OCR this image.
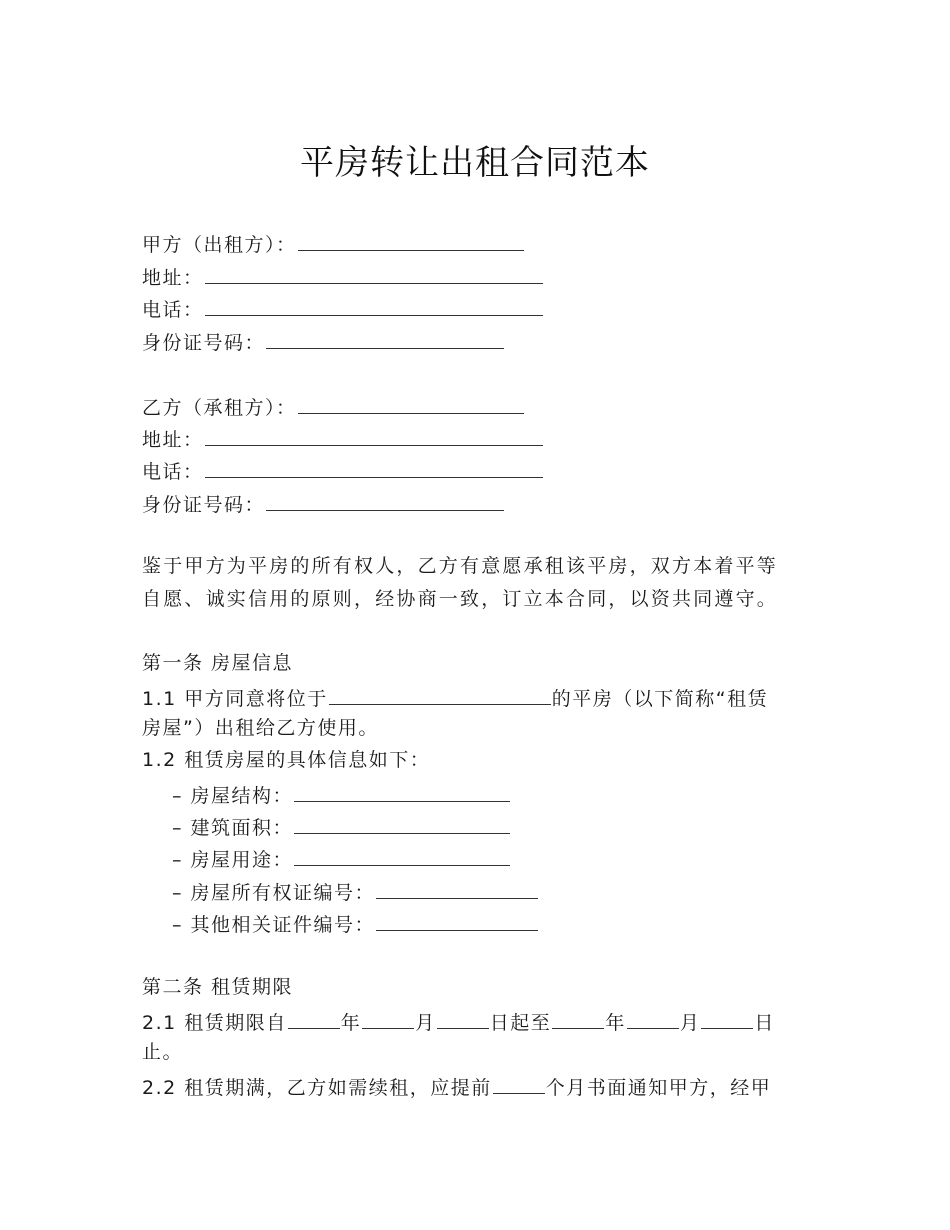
平房转让出租合同范本
甲方（出租方）：
地址：
电话：
身份证号码：
乙方（承租方）：
地址：
电话：
身份证号码：
鉴于甲方为平房的所有权人，乙方有意愿承租该平房，双方本着平等
自愿、诚实信用的原则，经协商一致，订立本合同，以资共同遵守。
第一条 房屋信息
1.1 甲方同意将位于	的平房（以下简称“租赁
房屋”）出租给乙方使用。
1.2 租赁房屋的具体信息如下：
– 房屋结构：
– 建筑面积：
– 房屋用途：
– 房屋所有权证编号：
– 其他相关证件编号：
第二条 租赁期限
2.1 租赁期限自	年	月	日起至	年	月	日
止。
2.2 租赁期满，乙方如需续租，应提前	个月书面通知甲方，经甲
